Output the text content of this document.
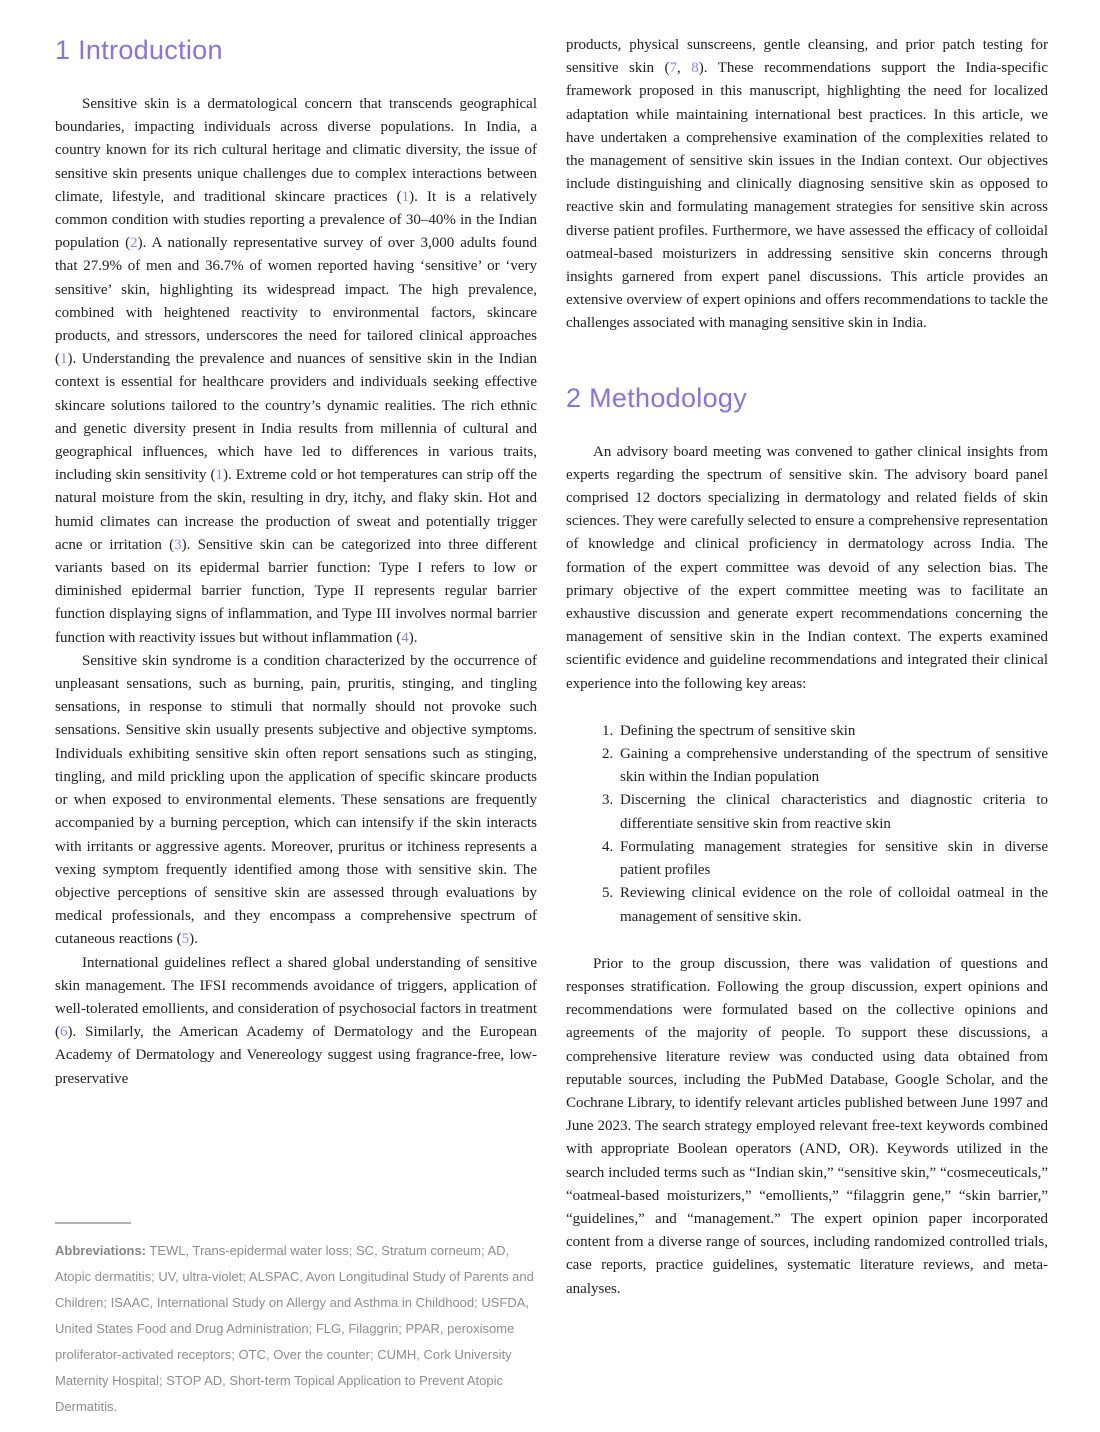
1 Introduction

Sensitive skin is a dermatological concern that transcends geographical boundaries, impacting individuals across diverse populations. In India, a country known for its rich cultural heritage and climatic diversity, the issue of sensitive skin presents unique challenges due to complex interactions between climate, lifestyle, and traditional skincare practices (1). It is a relatively common condition with studies reporting a prevalence of 30–40% in the Indian population (2). A nationally representative survey of over 3,000 adults found that 27.9% of men and 36.7% of women reported having ‘sensitive’ or ‘very sensitive’ skin, highlighting its widespread impact. The high prevalence, combined with heightened reactivity to environmental factors, skincare products, and stressors, underscores the need for tailored clinical approaches (1). Understanding the prevalence and nuances of sensitive skin in the Indian context is essential for healthcare providers and individuals seeking effective skincare solutions tailored to the country’s dynamic realities. The rich ethnic and genetic diversity present in India results from millennia of cultural and geographical influences, which have led to differences in various traits, including skin sensitivity (1). Extreme cold or hot temperatures can strip off the natural moisture from the skin, resulting in dry, itchy, and flaky skin. Hot and humid climates can increase the production of sweat and potentially trigger acne or irritation (3). Sensitive skin can be categorized into three different variants based on its epidermal barrier function: Type I refers to low or diminished epidermal barrier function, Type II represents regular barrier function displaying signs of inflammation, and Type III involves normal barrier function with reactivity issues but without inflammation (4).

Sensitive skin syndrome is a condition characterized by the occurrence of unpleasant sensations, such as burning, pain, pruritis, stinging, and tingling sensations, in response to stimuli that normally should not provoke such sensations. Sensitive skin usually presents subjective and objective symptoms. Individuals exhibiting sensitive skin often report sensations such as stinging, tingling, and mild prickling upon the application of specific skincare products or when exposed to environmental elements. These sensations are frequently accompanied by a burning perception, which can intensify if the skin interacts with irritants or aggressive agents. Moreover, pruritus or itchiness represents a vexing symptom frequently identified among those with sensitive skin. The objective perceptions of sensitive skin are assessed through evaluations by medical professionals, and they encompass a comprehensive spectrum of cutaneous reactions (5).

International guidelines reflect a shared global understanding of sensitive skin management. The IFSI recommends avoidance of triggers, application of well-tolerated emollients, and consideration of psychosocial factors in treatment (6). Similarly, the American Academy of Dermatology and the European Academy of Dermatology and Venereology suggest using fragrance-free, low-preservative

Abbreviations: TEWL, Trans-epidermal water loss; SC, Stratum corneum; AD, Atopic dermatitis; UV, ultra-violet; ALSPAC, Avon Longitudinal Study of Parents and Children; ISAAC, International Study on Allergy and Asthma in Childhood; USFDA, United States Food and Drug Administration; FLG, Filaggrin; PPAR, peroxisome proliferator-activated receptors; OTC, Over the counter; CUMH, Cork University Maternity Hospital; STOP AD, Short-term Topical Application to Prevent Atopic Dermatitis.

products, physical sunscreens, gentle cleansing, and prior patch testing for sensitive skin (7, 8). These recommendations support the India-specific framework proposed in this manuscript, highlighting the need for localized adaptation while maintaining international best practices. In this article, we have undertaken a comprehensive examination of the complexities related to the management of sensitive skin issues in the Indian context. Our objectives include distinguishing and clinically diagnosing sensitive skin as opposed to reactive skin and formulating management strategies for sensitive skin across diverse patient profiles. Furthermore, we have assessed the efficacy of colloidal oatmeal-based moisturizers in addressing sensitive skin concerns through insights garnered from expert panel discussions. This article provides an extensive overview of expert opinions and offers recommendations to tackle the challenges associated with managing sensitive skin in India.

2 Methodology

An advisory board meeting was convened to gather clinical insights from experts regarding the spectrum of sensitive skin. The advisory board panel comprised 12 doctors specializing in dermatology and related fields of skin sciences. They were carefully selected to ensure a comprehensive representation of knowledge and clinical proficiency in dermatology across India. The formation of the expert committee was devoid of any selection bias. The primary objective of the expert committee meeting was to facilitate an exhaustive discussion and generate expert recommendations concerning the management of sensitive skin in the Indian context. The experts examined scientific evidence and guideline recommendations and integrated their clinical experience into the following key areas:

1. Defining the spectrum of sensitive skin
2. Gaining a comprehensive understanding of the spectrum of sensitive skin within the Indian population
3. Discerning the clinical characteristics and diagnostic criteria to differentiate sensitive skin from reactive skin
4. Formulating management strategies for sensitive skin in diverse patient profiles
5. Reviewing clinical evidence on the role of colloidal oatmeal in the management of sensitive skin.

Prior to the group discussion, there was validation of questions and responses stratification. Following the group discussion, expert opinions and recommendations were formulated based on the collective opinions and agreements of the majority of people. To support these discussions, a comprehensive literature review was conducted using data obtained from reputable sources, including the PubMed Database, Google Scholar, and the Cochrane Library, to identify relevant articles published between June 1997 and June 2023. The search strategy employed relevant free-text keywords combined with appropriate Boolean operators (AND, OR). Keywords utilized in the search included terms such as “Indian skin,” “sensitive skin,” “cosmeceuticals,” “oatmeal-based moisturizers,” “emollients,” “filaggrin gene,” “skin barrier,” “guidelines,” and “management.” The expert opinion paper incorporated content from a diverse range of sources, including randomized controlled trials, case reports, practice guidelines, systematic literature reviews, and meta-analyses.
